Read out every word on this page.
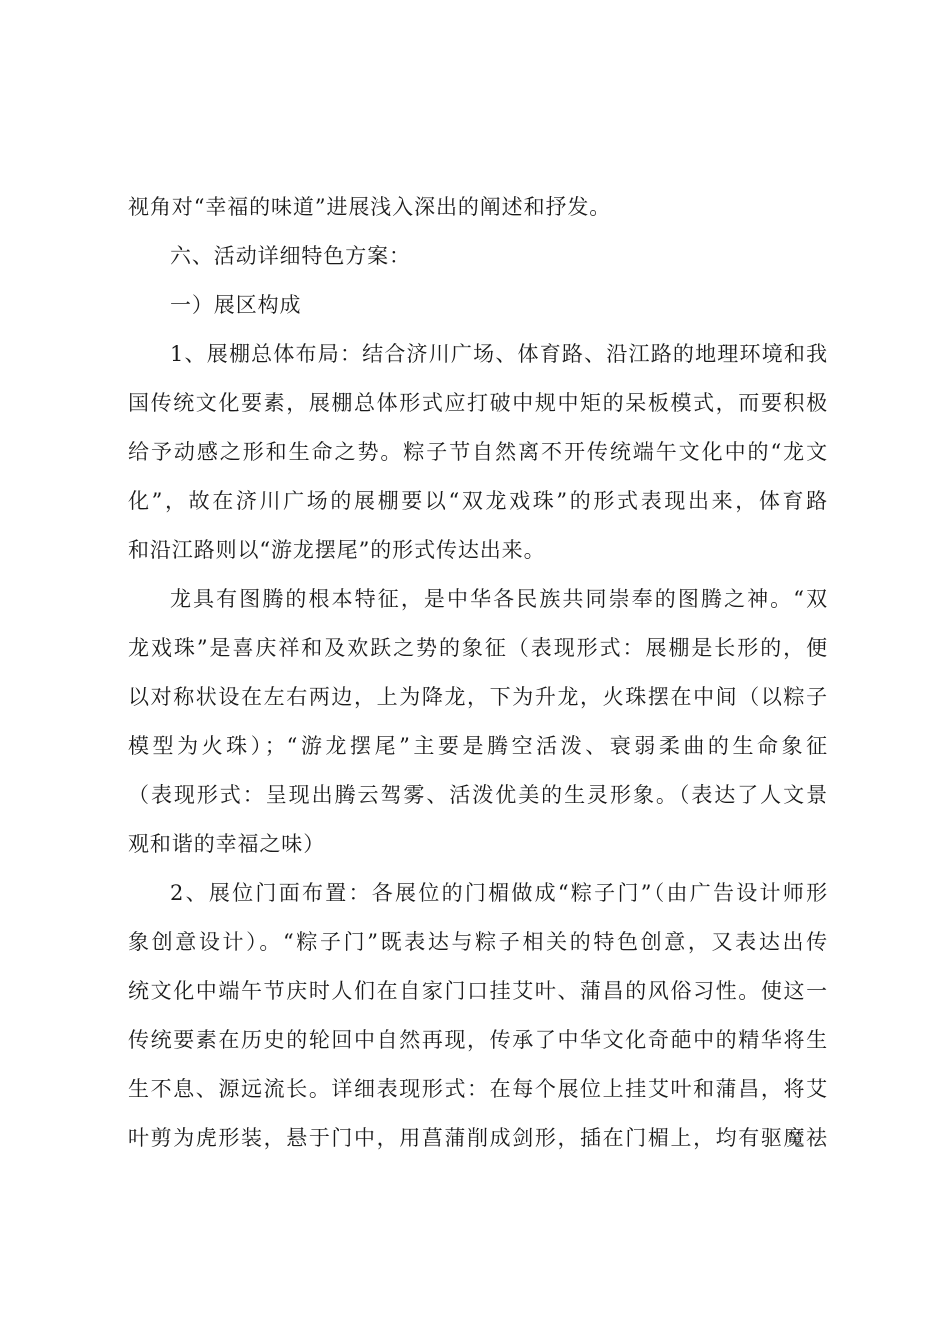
视角对“幸福的味道”进展浅入深出的阐述和抒发。
六、活动详细特色方案：
一）展区构成
1、展棚总体布局：结合济川广场、体育路、沿江路的地理环境和我
国传统文化要素，展棚总体形式应打破中规中矩的呆板模式，而要积极
给予动感之形和生命之势。粽子节自然离不开传统端午文化中的“龙文
化”，故在济川广场的展棚要以“双龙戏珠”的形式表现出来，体育路
和沿江路则以“游龙摆尾”的形式传达出来。
龙具有图腾的根本特征，是中华各民族共同崇奉的图腾之神。“双
龙戏珠”是喜庆祥和及欢跃之势的象征（表现形式：展棚是长形的，便
以对称状设在左右两边，上为降龙，下为升龙，火珠摆在中间（以粽子
模型为火珠）；“游龙摆尾”主要是腾空活泼、衰弱柔曲的生命象征
（表现形式：呈现出腾云驾雾、活泼优美的生灵形象。（表达了人文景
观和谐的幸福之味）
2、展位门面布置：各展位的门楣做成“粽子门”（由广告设计师形
象创意设计）。“粽子门”既表达与粽子相关的特色创意，又表达出传
统文化中端午节庆时人们在自家门口挂艾叶、蒲昌的风俗习性。使这一
传统要素在历史的轮回中自然再现，传承了中华文化奇葩中的精华将生
生不息、源远流长。详细表现形式：在每个展位上挂艾叶和蒲昌，将艾
叶剪为虎形装，悬于门中，用菖蒲削成剑形，插在门楣上，均有驱魔祛
